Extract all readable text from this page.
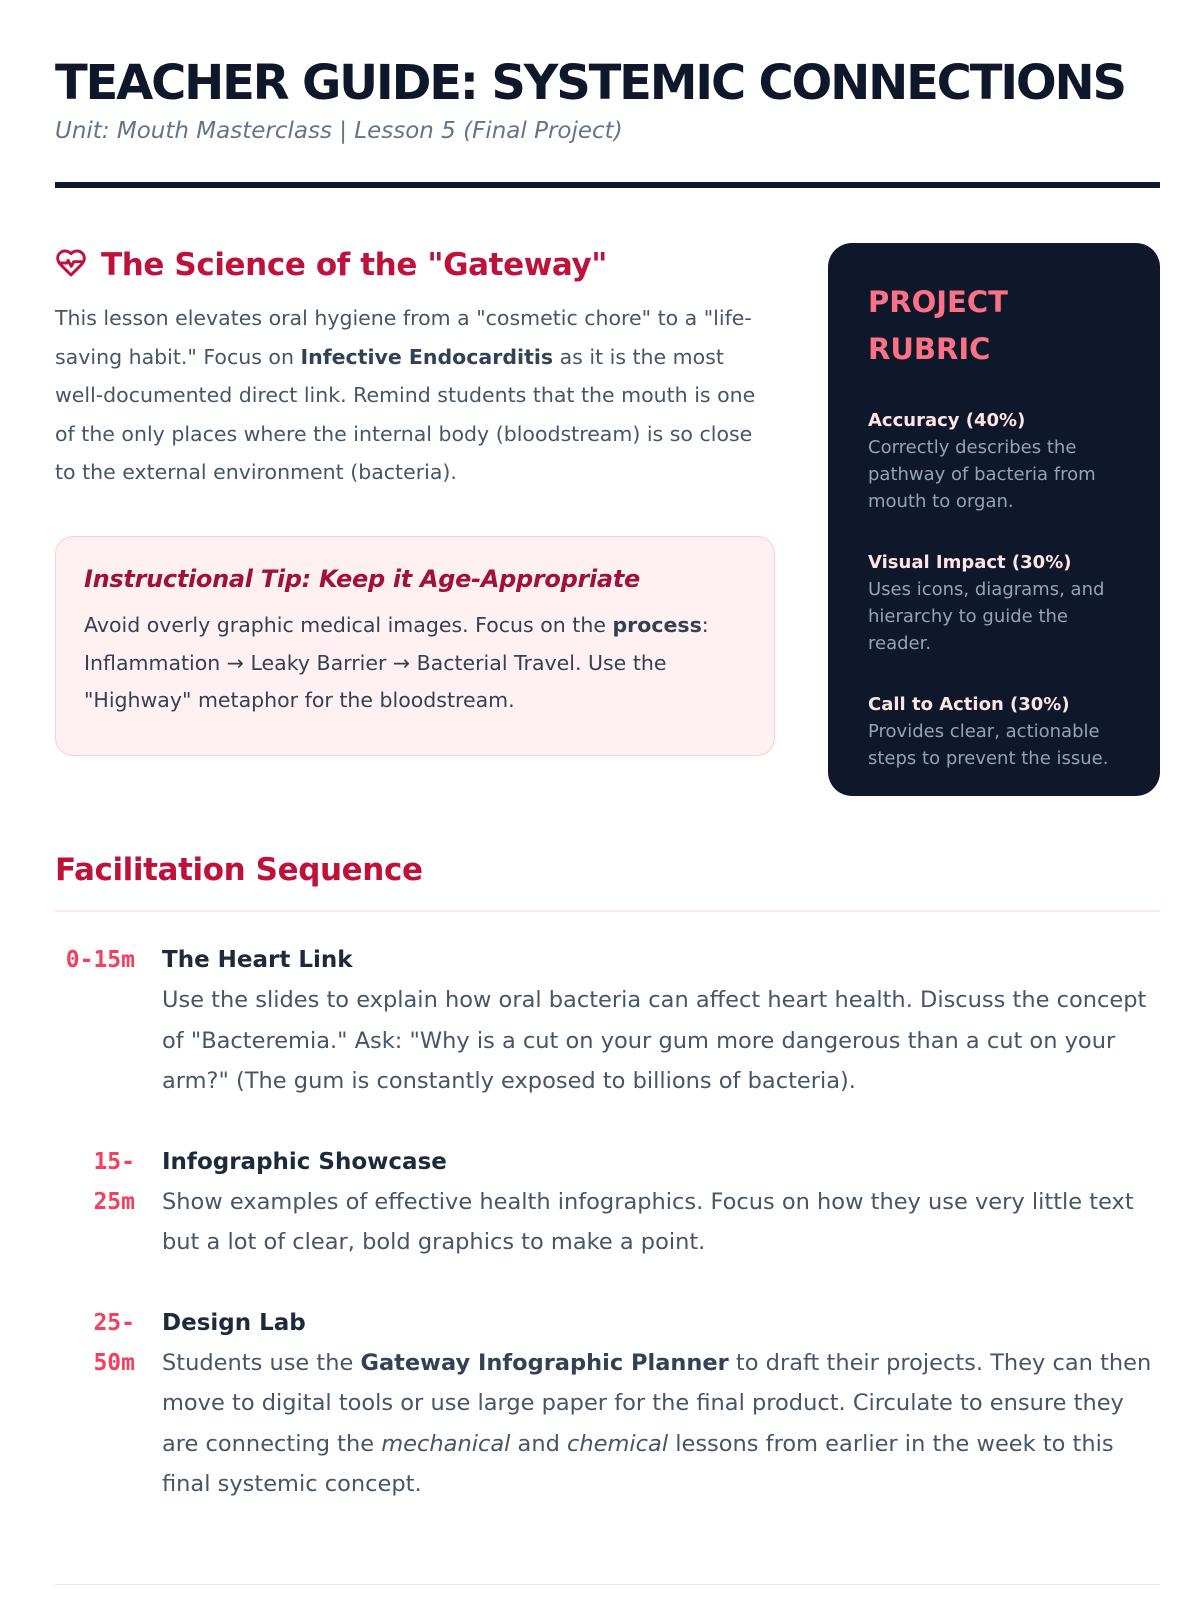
TEACHER GUIDE: SYSTEMIC CONNECTIONS
Unit: Mouth Masterclass | Lesson 5 (Final Project)
The Science of the "Gateway"

This lesson elevates oral hygiene from a "cosmetic chore" to a "life-saving habit." Focus on Infective Endocarditis as it is the most well-documented direct link. Remind students that the mouth is one of the only places where the internal body (bloodstream) is so close to the external environment (bacteria).

Instructional Tip: Keep it Age-Appropriate

Avoid overly graphic medical images. Focus on the process: Inflammation → Leaky Barrier → Bacterial Travel. Use the "Highway" metaphor for the bloodstream.

PROJECT RUBRIC
Accuracy (40%)
Correctly describes the pathway of bacteria from mouth to organ.
Visual Impact (30%)
Uses icons, diagrams, and hierarchy to guide the reader.
Call to Action (30%)
Provides clear, actionable steps to prevent the issue.
Facilitation Sequence
0-15m The Heart Link
Use the slides to explain how oral bacteria can affect heart health. Discuss the concept of "Bacteremia." Ask: "Why is a cut on your gum more dangerous than a cut on your arm?" (The gum is constantly exposed to billions of bacteria).
15-25m
Infographic Showcase
Show examples of effective health infographics. Focus on how they use very little text but a lot of clear, bold graphics to make a point.
25-50m
Design Lab
Students use the Gateway Infographic Planner to draft their projects. They can then move to digital tools or use large paper for the final product. Circulate to ensure they are connecting the mechanical and chemical lessons from earlier in the week to this final systemic concept.
